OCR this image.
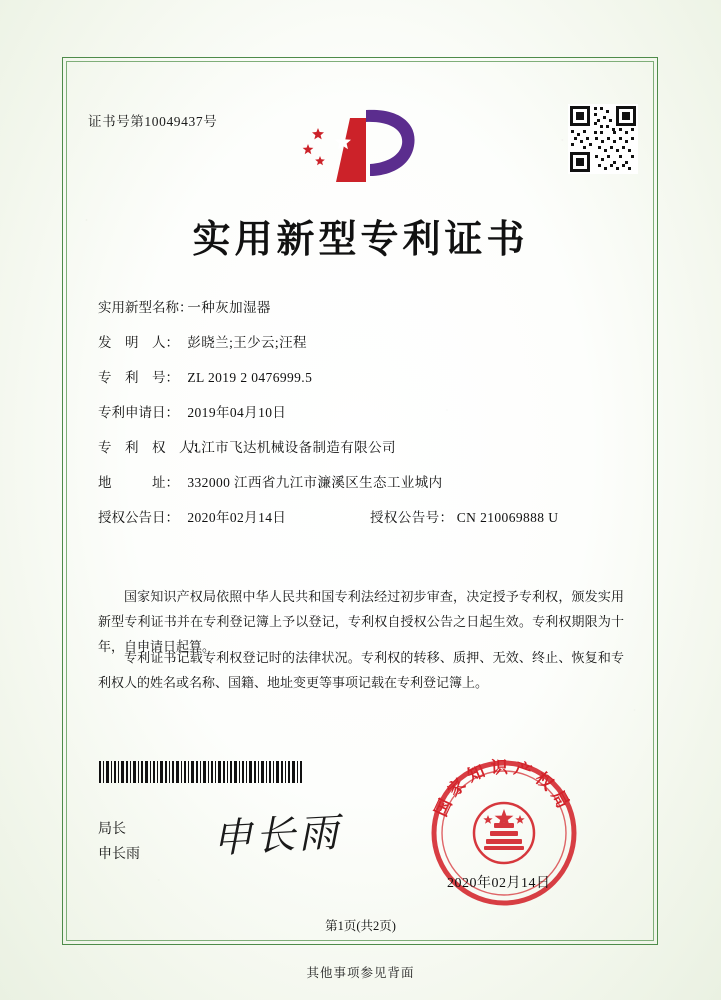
证书号第10049437号
实用新型专利证书
实用新型名称： 一种灰加湿器
发　明　人： 彭晓兰;王少云;汪程
专　利　号： ZL 2019 2 0476999.5
专利申请日： 2019年04月10日
专　利　权　人： 九江市飞达机械设备制造有限公司
地　　　址： 332000 江西省九江市濂溪区生态工业城内
授权公告日： 2020年02月14日	授权公告号： CN 210069888 U
国家知识产权局依照中华人民共和国专利法经过初步审查，决定授予专利权，颁发实用新型专利证书并在专利登记簿上予以登记，专利权自授权公告之日起生效。专利权期限为十年，自申请日起算。
专利证书记载专利权登记时的法律状况。专利权的转移、质押、无效、终止、恢复和专利权人的姓名或名称、国籍、地址变更等事项记载在专利登记簿上。
国家知识产权局
局长
申长雨 申长雨
2020年02月14日
第1页(共2页)
其他事项参见背面
